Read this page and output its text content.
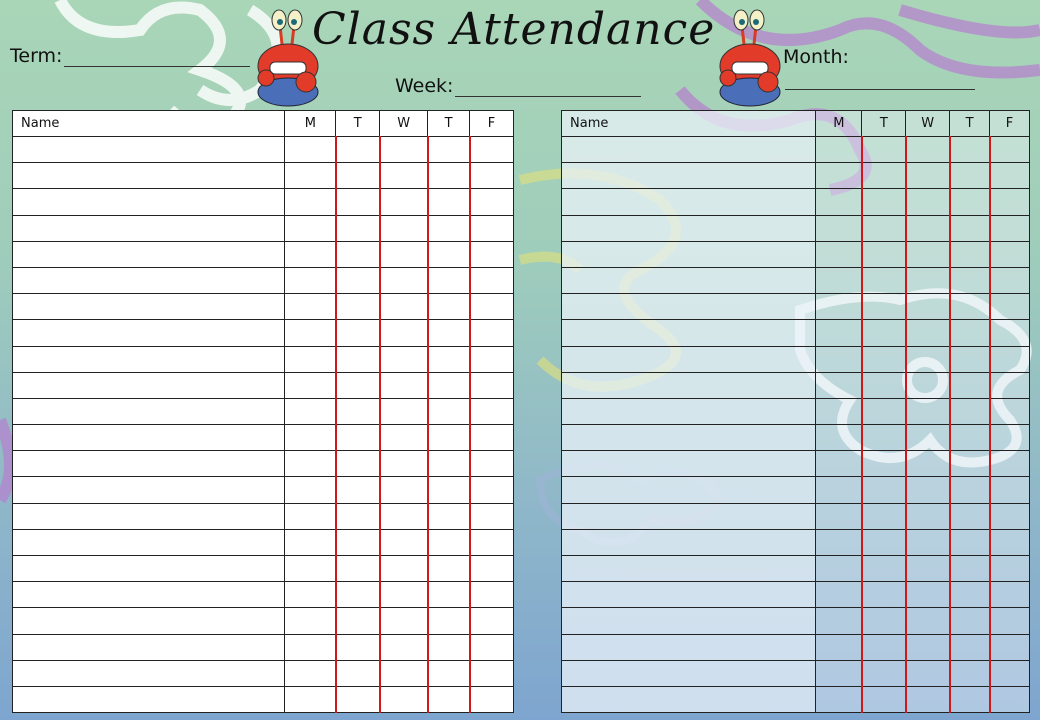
Class Attendance
Term:
Week:
Month:
Name	M	T	W	T	F

						Name	M	T	W	T	F
